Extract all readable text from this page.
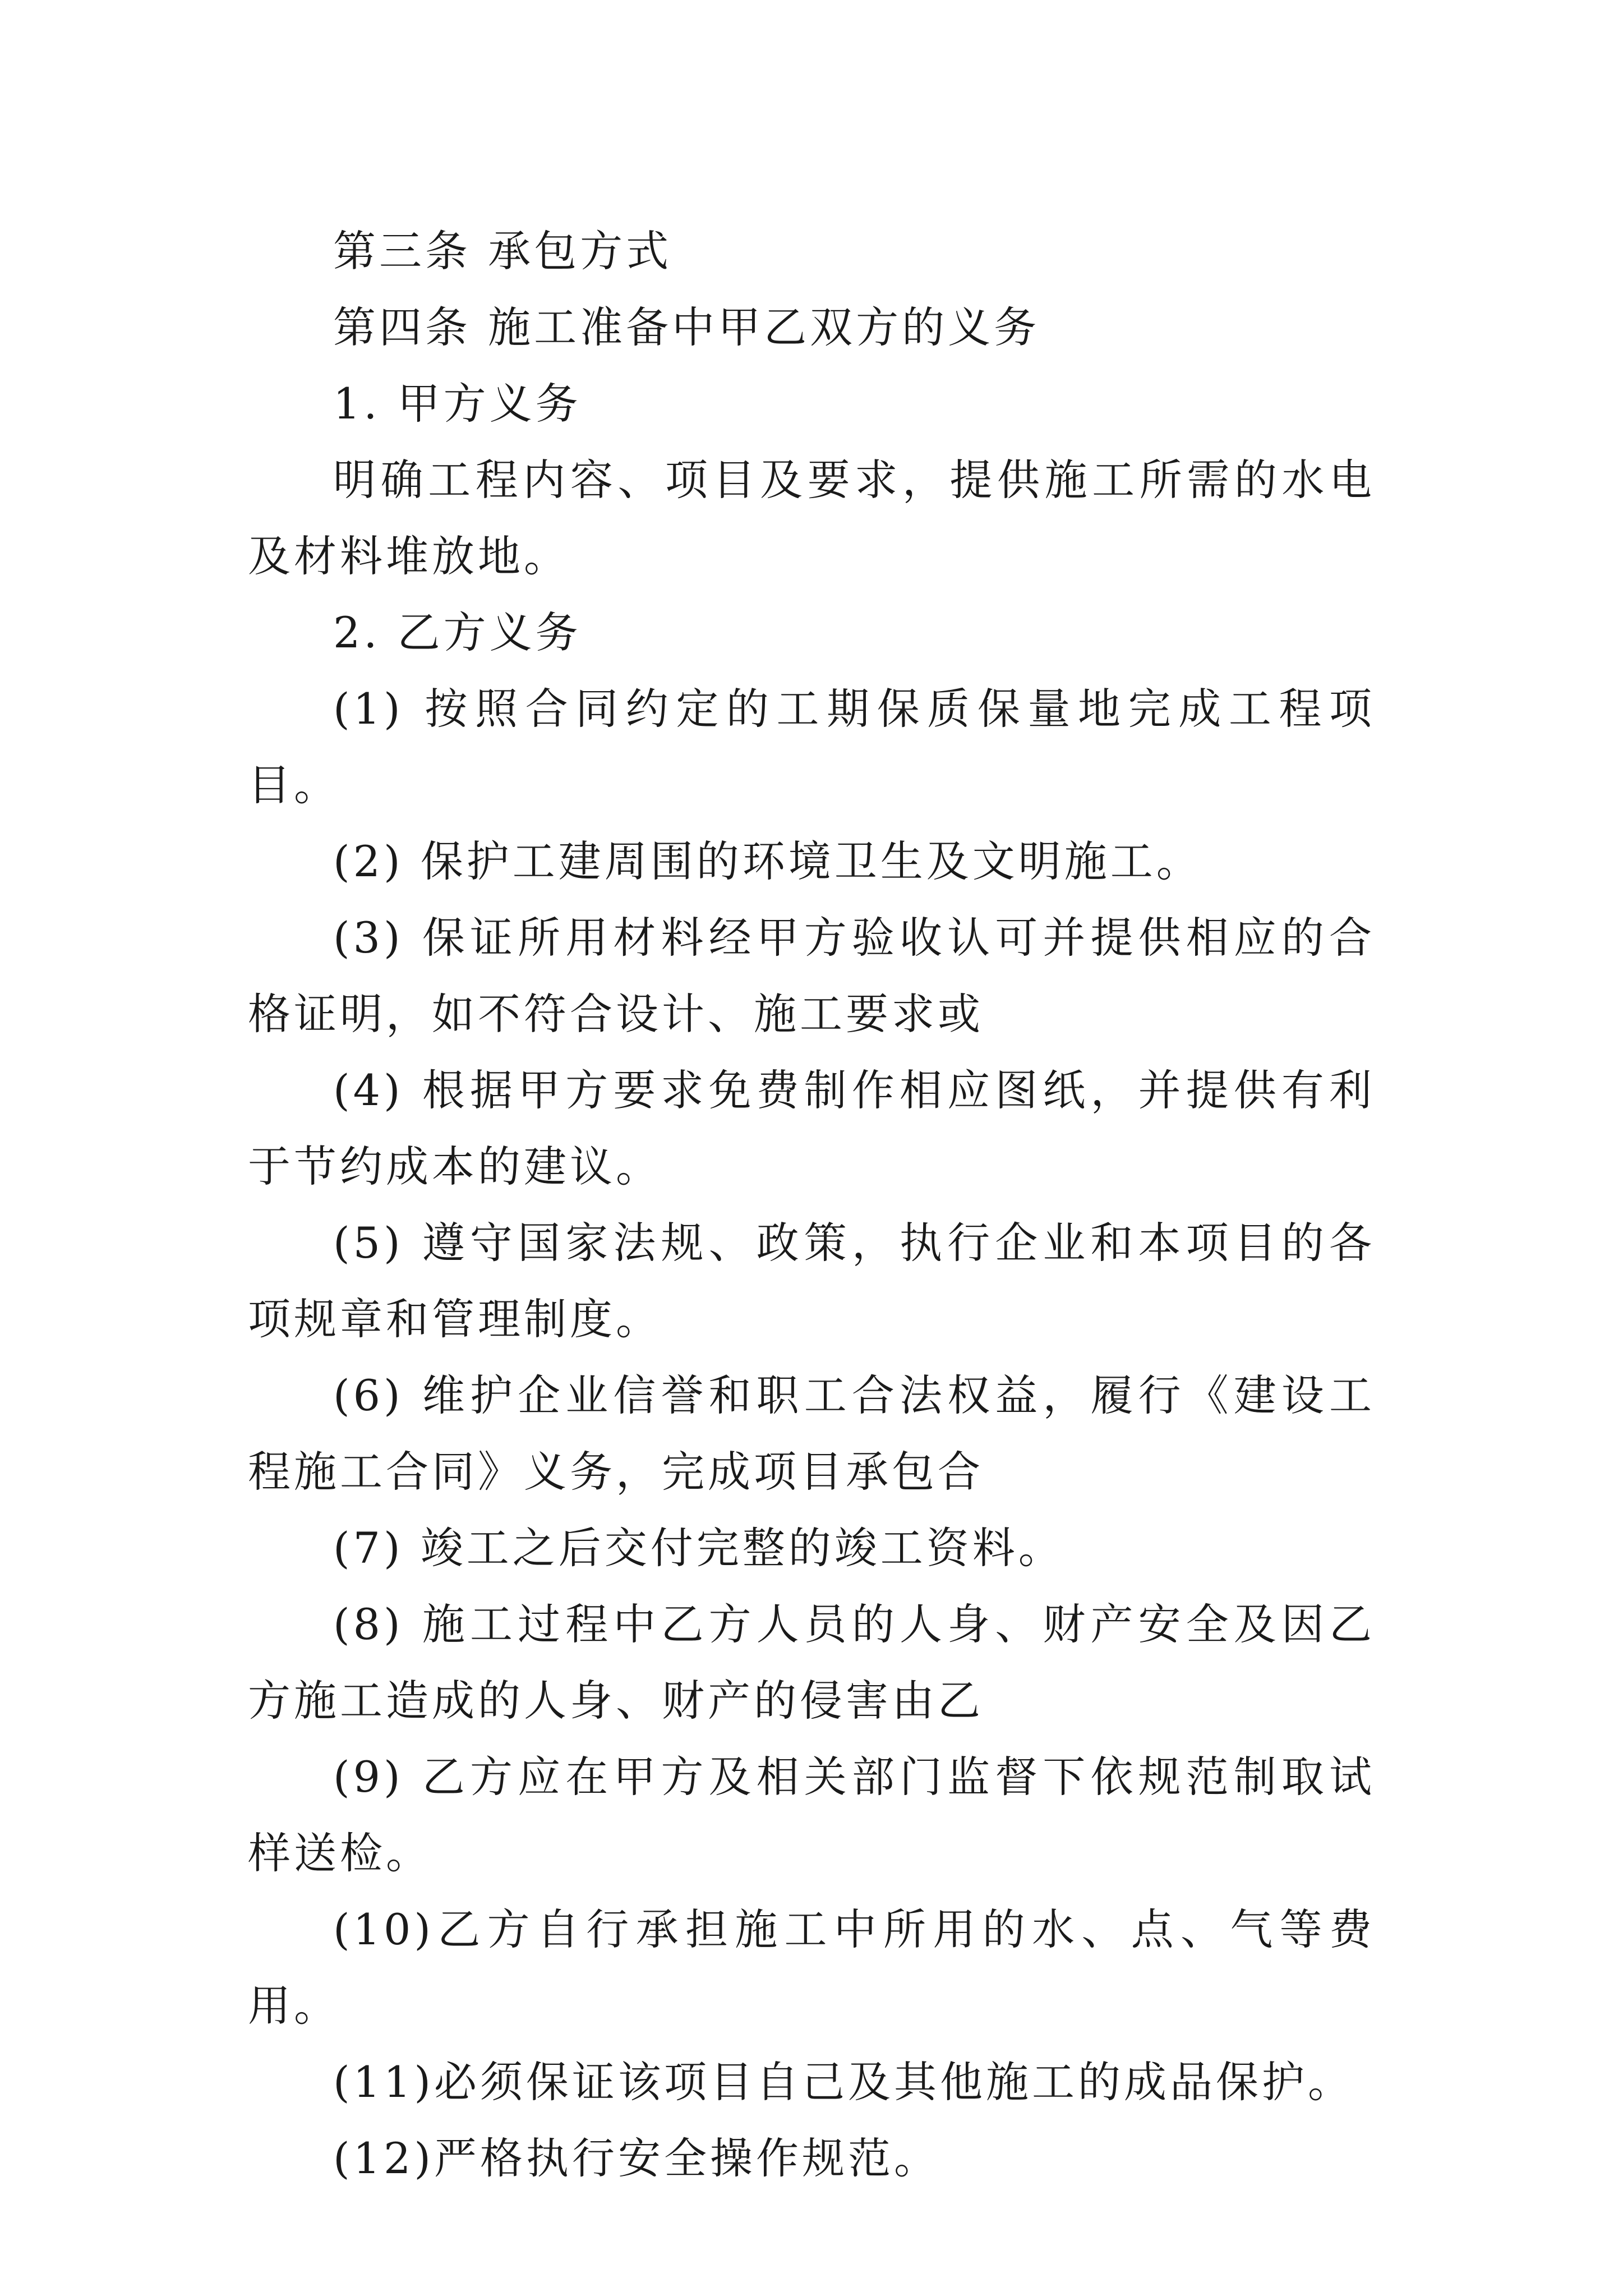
第三条 承包方式

第四条 施工准备中甲乙双方的义务

1. 甲方义务

明确工程内容、项目及要求，提供施工所需的水电及材料堆放地。

2. 乙方义务

(1) 按照合同约定的工期保质保量地完成工程项目。

(2) 保护工建周围的环境卫生及文明施工。

(3) 保证所用材料经甲方验收认可并提供相应的合格证明，如不符合设计、施工要求或

(4) 根据甲方要求免费制作相应图纸，并提供有利于节约成本的建议。

(5) 遵守国家法规、政策，执行企业和本项目的各项规章和管理制度。

(6) 维护企业信誉和职工合法权益，履行《建设工程施工合同》义务，完成项目承包合

(7) 竣工之后交付完整的竣工资料。

(8) 施工过程中乙方人员的人身、财产安全及因乙方施工造成的人身、财产的侵害由乙

(9) 乙方应在甲方及相关部门监督下依规范制取试样送检。

(10)乙方自行承担施工中所用的水、点、气等费用。

(11)必须保证该项目自己及其他施工的成品保护。

(12)严格执行安全操作规范。
